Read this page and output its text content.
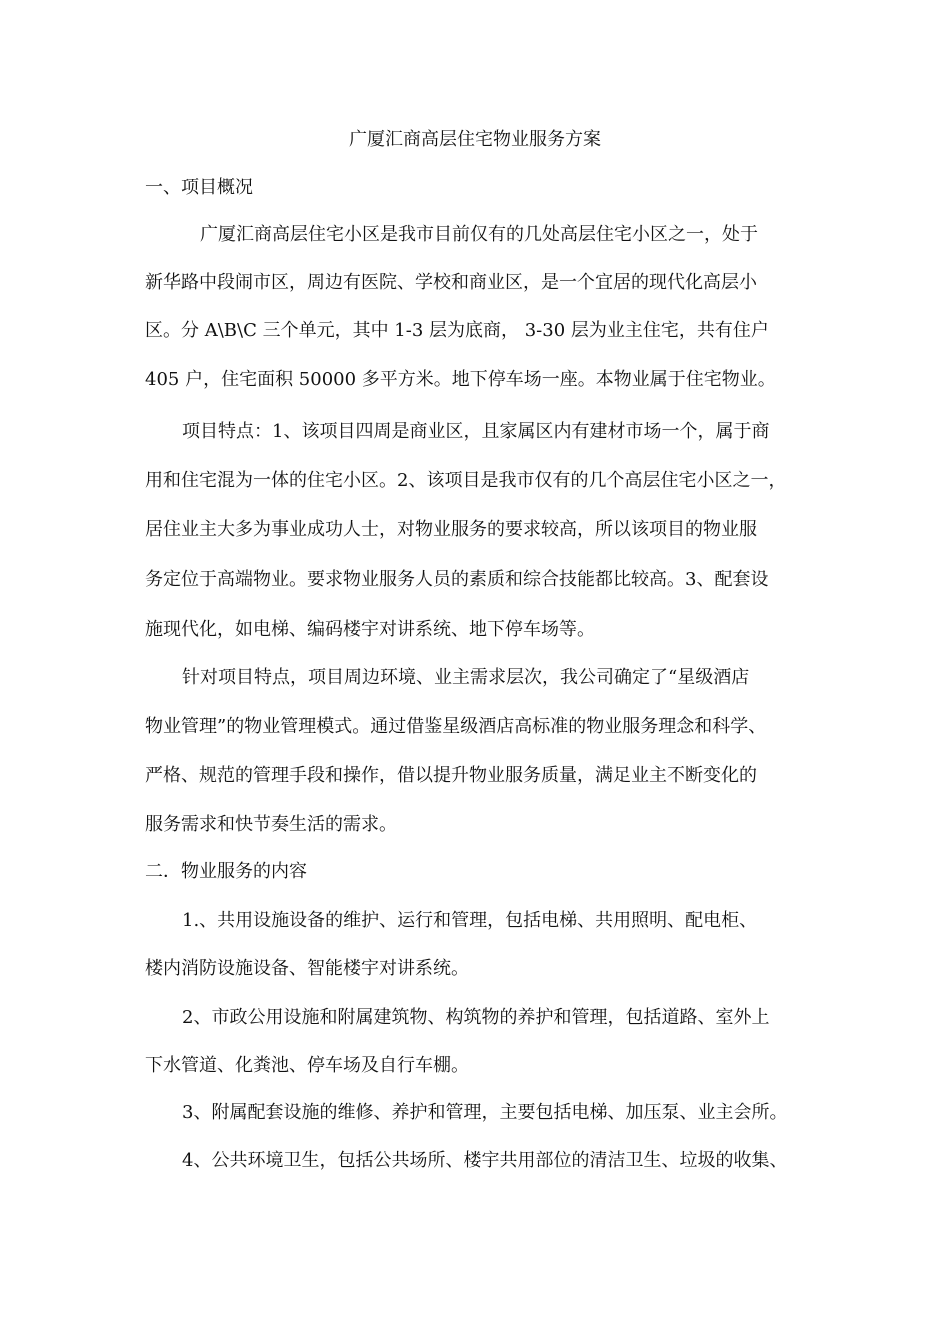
广厦汇商高层住宅物业服务方案

一、项目概况

广厦汇商高层住宅小区是我市目前仅有的几处高层住宅小区之一，处于

新华路中段闹市区，周边有医院、学校和商业区，是一个宜居的现代化高层小

区。分 A\B\C 三个单元，其中 1-3 层为底商， 3-30 层为业主住宅，共有住户

405 户，住宅面积 50000 多平方米。地下停车场一座。本物业属于住宅物业。

项目特点：1、该项目四周是商业区，且家属区内有建材市场一个，属于商

用和住宅混为一体的住宅小区。2、该项目是我市仅有的几个高层住宅小区之一，

居住业主大多为事业成功人士，对物业服务的要求较高，所以该项目的物业服

务定位于高端物业。要求物业服务人员的素质和综合技能都比较高。3、配套设

施现代化，如电梯、编码楼宇对讲系统、地下停车场等。

针对项目特点，项目周边环境、业主需求层次，我公司确定了“星级酒店

物业管理”的物业管理模式。通过借鉴星级酒店高标准的物业服务理念和科学、

严格、规范的管理手段和操作，借以提升物业服务质量，满足业主不断变化的

服务需求和快节奏生活的需求。

二．物业服务的内容

1.、共用设施设备的维护、运行和管理，包括电梯、共用照明、配电柜、

楼内消防设施设备、智能楼宇对讲系统。

2、市政公用设施和附属建筑物、构筑物的养护和管理，包括道路、室外上

下水管道、化粪池、停车场及自行车棚。

3、附属配套设施的维修、养护和管理，主要包括电梯、加压泵、业主会所。

4、公共环境卫生，包括公共场所、楼宇共用部位的清洁卫生、垃圾的收集、
